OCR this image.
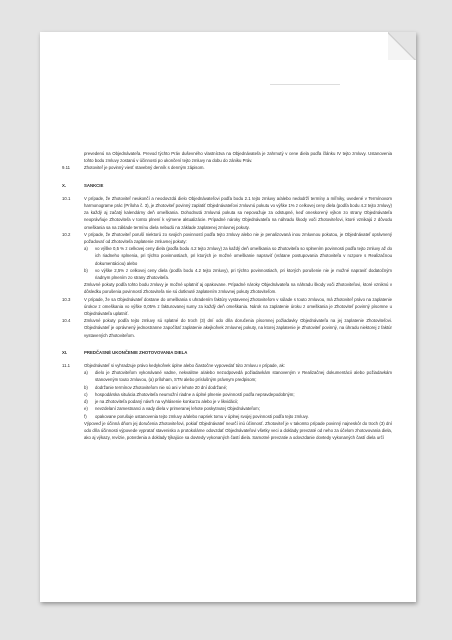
prevedenú na Objednávateľa. Prevod týchto Práv duševného vlastníctva na Objednávateľa je zahrnutý v cene diela podľa článku IV tejto zmluvy. Ustanovenia tohto bodu zmluvy zostanú v účinnosti po ukončení tejto zmluvy na dobu do zániku Práv.

9.11	Zhotoviteľ je povinný viesť stavebný denník s denným zápisom.
X.	SANKCIE
10.1	V prípade, že Zhotoviteľ neukončí a neodovzdá dielo Objednávateľovi podľa bodu 2.1 tejto zmluvy a/alebo nedodrží termíny a míľniky, uvedené v Termínovom harmonograme prác (Príloha č. 3), je Zhotoviteľ povinný zaplatiť Objednávateľovi zmluvnú pokutu vo výške 1% z celkovej ceny diela (podľa bodu 4.2 tejto zmluvy) za každý aj začatý kalendárny deň omeškania. Dohodnutá zmluvná pokuta sa nepovažuje za odstupné, keď oneskorený výkon zo strany Objednávateľa neoprávňuje Zhotoviteľa v tomto plnení k výmene aktualizácie. Prípadné nároky Objednávateľa na náhradu škody voči Zhotoviteľovi, ktoré vznikajú z dôvodu omeškania sa na základe termínu diela nebudú na základe zaplatenej zmluvnej pokuty.
10.2	V prípade, že Zhotoviteľ poruší niektorú zo svojich povinností podľa tejto zmluvy alebo nie je penalizovaná inou zmluvnou pokutou, je Objednávateľ oprávnený požadovať od Zhotoviteľa zaplatenie zmluvnej pokuty:

a)	vo výške 0,5 % z celkovej ceny diela (podľa bodu 4.2 tejto zmluvy) za každý deň omeškania so Zhotoviteľa so splnením povinnosti podľa tejto zmluvy až do ich riadneho splnenia, pri týchto povinnostiach, pri ktorých je možné omeškanie napraviť (vrátane postupovania Zhotoviteľa v rozpore s Realizačnou dokumentáciou) alebo
b)	vo výške 2,5% z celkovej ceny diela (podľa bodu 4.2 tejto zmluvy), pri týchto povinnostiach, pri ktorých porušenie nie je možné napraviť dodatočným riadnym plnením zo strany Zhotoviteľa.

Zmluvné pokuty podľa tohto bodu zmluvy je možné uplatniť aj opakovane. Prípadné nároky Objednávateľa na náhradu škody voči Zhotoviteľovi, ktoré vzniknú v dôsledku porušenia povinností Zhotoviteľa nie sú dotknuté zaplatením zmluvnej pokuty Zhotoviteľom.

10.3	V prípade, že sa Objednávateľ dostane do omeškania s uhradením faktúry vystavenej Zhotoviteľom v súlade s touto zmluvou, má Zhotoviteľ právo na zaplatenie úrokov z omeškania vo výške 0,05% z fakturovanej sumy za každý deň omeškania. Nárok na zaplatenie úroku z omeškania je Zhotoviteľ povinný písomne u Objednávateľa uplatniť.
10.4	Zmluvné pokuty podľa tejto zmluvy sú splatné do troch (3) dní odo dňa doručenia písomnej požiadavky Objednávateľa na jej zaplatenie Zhotoviteľovi. Objednávateľ je oprávnený jednostranne započítať zaplatenie akejkoľvek zmluvnej pokuty, na ktorej zaplatenie je Zhotoviteľ povinný, na úhradu niektorej z faktúr vystavených Zhotoviteľom.
XI.	PREDČASNÉ UKONČENIE ZHOTOVOVANIA DIELA
11.1	Objednávateľ si vyhradzuje právo kedykoľvek úplne alebo čiastočne vypovedať túto zmluvu v prípade, ak:

a)	dielo je Zhotoviteľom vykonávané vadne, nekvalitne a/alebo nezodpovedá požiadavkám stanoveným v Realizačnej dokumentácii alebo požiadavkám stanoveným touto zmluvou, (a) príloham, STN alebo príslušným právnym predpisom;
b)	dodržanie termínov Zhotoviteľom nie sú ani v lehote 20 dní dodržané;
c)	hospodárska situácia Zhotoviteľa neumožní riadne a úplné plnenie povinností podľa nepravdepodobným;
d)	je na Zhotoviteľa podaný návrh na vyhlásenie konkurzu alebo je v likvidácii;
e)	nevzdelaní zamestnanci a vady diela v primeranej lehote poskytnutej Objednávateľom;
f)	opakovane porušuje ustanovenia tejto zmluvy a/alebo napriek tomu v úplnej svojej povinnosti podľa tejto zmluvy.

Výpoveď je účinná dňom jej doručenia Zhotoviteľovi, pokiaľ Objednávateľ neurčí inú účinnosť. Zhotoviteľ je v takomto prípade povinný najneskôr do troch (3) dní odo dňa účinnosti výpovede vypratať stavenisko a protokolárne odovzdať Objednávateľovi všetky veci a doklady prevzaté od neho za účelom zhotovovania diela, ako aj výkazy, revízie, potvrdenia a doklady týkajúce sa dovtedy vykonaných častí diela. Samotné prevzatie a odovzdanie dovtedy vykonaných častí diela určí
